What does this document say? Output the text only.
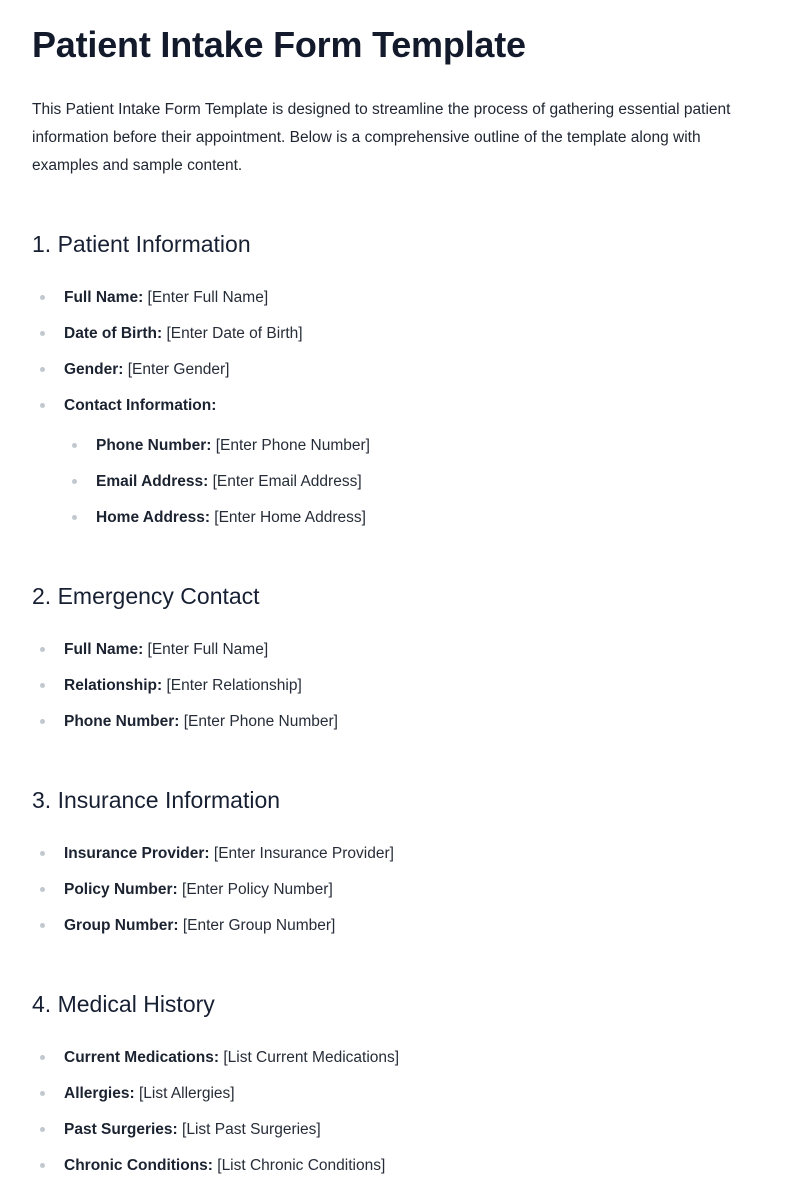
Patient Intake Form Template

This Patient Intake Form Template is designed to streamline the process of gathering essential patient information before their appointment. Below is a comprehensive outline of the template along with examples and sample content.

1. Patient Information
Full Name: [Enter Full Name]
Date of Birth: [Enter Date of Birth]
Gender: [Enter Gender]
Contact Information:
Phone Number: [Enter Phone Number]
Email Address: [Enter Email Address]
Home Address: [Enter Home Address]
2. Emergency Contact
Full Name: [Enter Full Name]
Relationship: [Enter Relationship]
Phone Number: [Enter Phone Number]
3. Insurance Information
Insurance Provider: [Enter Insurance Provider]
Policy Number: [Enter Policy Number]
Group Number: [Enter Group Number]
4. Medical History
Current Medications: [List Current Medications]
Allergies: [List Allergies]
Past Surgeries: [List Past Surgeries]
Chronic Conditions: [List Chronic Conditions]
